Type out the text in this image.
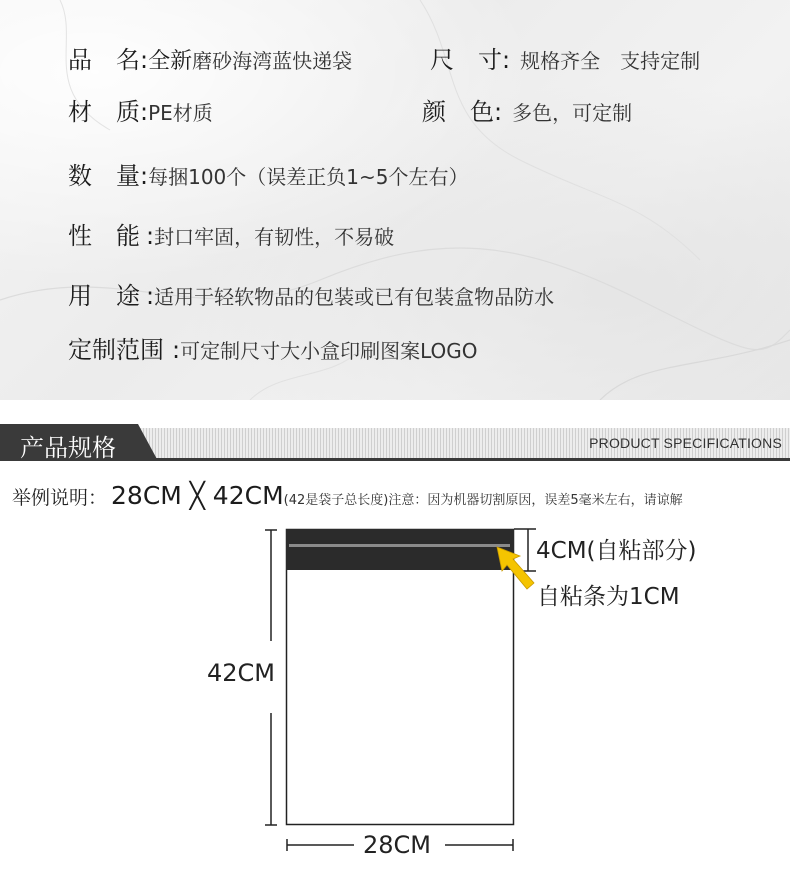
品　名 : 全新 磨砂海湾蓝快递袋	尺　寸 : 规格齐全　支持定制
材　质 : PE材质	颜　色 : 多色，可定制
数　量 : 每捆100个（误差正负1~5个左右）
性　能 : 封口牢固，有韧性，不易破
用　途 : 适用于轻软物品的包装或已有包装盒物品防水
定制范围 : 可定制尺寸大小盒印刷图案LOGO
产品规格	PRODUCT SPECIFICATIONS
举例说明： 28CM ╳ 42CM (42是袋子总长度)注意：因为机器切割原因，误差5毫米左右，请谅解
42CM
28CM
4CM(自粘部分)
自粘条为1CM
